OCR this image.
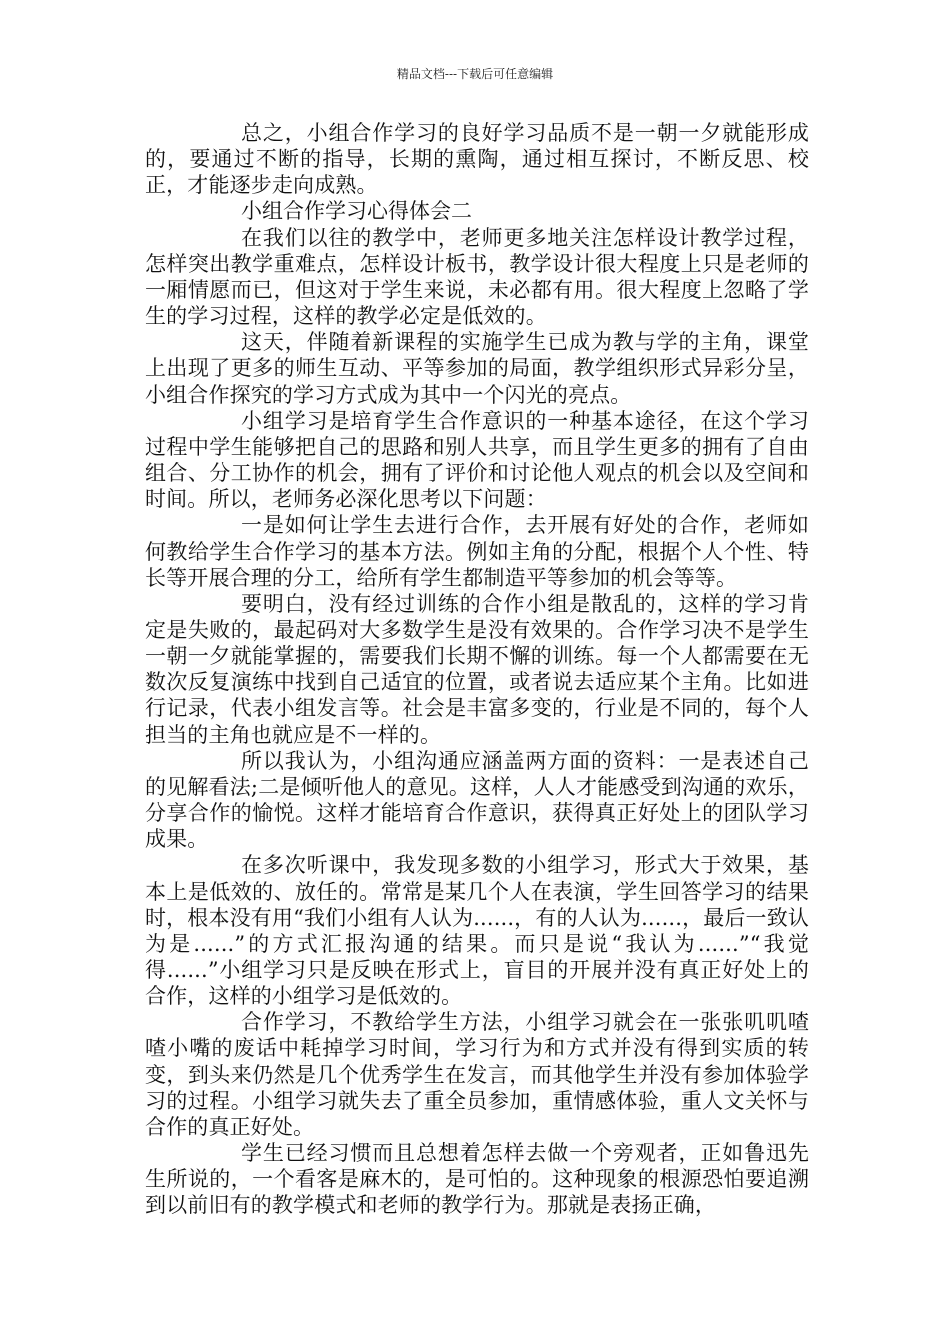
精品文档---下载后可任意编辑

总之，小组合作学习的良好学习品质不是一朝一夕就能形成的，要通过不断的指导，长期的熏陶，通过相互探讨，不断反思、校正，才能逐步走向成熟。

小组合作学习心得体会二

在我们以往的教学中，老师更多地关注怎样设计教学过程，怎样突出教学重难点，怎样设计板书，教学设计很大程度上只是老师的一厢情愿而已，但这对于学生来说，未必都有用。很大程度上忽略了学生的学习过程，这样的教学必定是低效的。

这天，伴随着新课程的实施学生已成为教与学的主角，课堂上出现了更多的师生互动、平等参加的局面，教学组织形式异彩分呈，小组合作探究的学习方式成为其中一个闪光的亮点。

小组学习是培育学生合作意识的一种基本途径，在这个学习过程中学生能够把自己的思路和别人共享，而且学生更多的拥有了自由组合、分工协作的机会，拥有了评价和讨论他人观点的机会以及空间和时间。所以，老师务必深化思考以下问题：

一是如何让学生去进行合作，去开展有好处的合作，老师如何教给学生合作学习的基本方法。例如主角的分配，根据个人个性、特长等开展合理的分工，给所有学生都制造平等参加的机会等等。

要明白，没有经过训练的合作小组是散乱的，这样的学习肯定是失败的，最起码对大多数学生是没有效果的。合作学习决不是学生一朝一夕就能掌握的，需要我们长期不懈的训练。每一个人都需要在无数次反复演练中找到自己适宜的位置，或者说去适应某个主角。比如进行记录，代表小组发言等。社会是丰富多变的，行业是不同的，每个人担当的主角也就应是不一样的。

所以我认为，小组沟通应涵盖两方面的资料：一是表述自己的见解看法;二是倾听他人的意见。这样，人人才能感受到沟通的欢乐，分享合作的愉悦。这样才能培育合作意识，获得真正好处上的团队学习成果。

在多次听课中，我发现多数的小组学习，形式大于效果，基本上是低效的、放任的。常常是某几个人在表演，学生回答学习的结果时，根本没有用“我们小组有人认为......，有的人认为......，最后一致认为是......”的方式汇报沟通的结果。而只是说“我认为......”“我觉得......”小组学习只是反映在形式上，盲目的开展并没有真正好处上的合作，这样的小组学习是低效的。

合作学习，不教给学生方法，小组学习就会在一张张叽叽喳喳小嘴的废话中耗掉学习时间，学习行为和方式并没有得到实质的转变，到头来仍然是几个优秀学生在发言，而其他学生并没有参加体验学习的过程。小组学习就失去了重全员参加，重情感体验，重人文关怀与合作的真正好处。

学生已经习惯而且总想着怎样去做一个旁观者，正如鲁迅先生所说的，一个看客是麻木的，是可怕的。这种现象的根源恐怕要追溯到以前旧有的教学模式和老师的教学行为。那就是表扬正确，
